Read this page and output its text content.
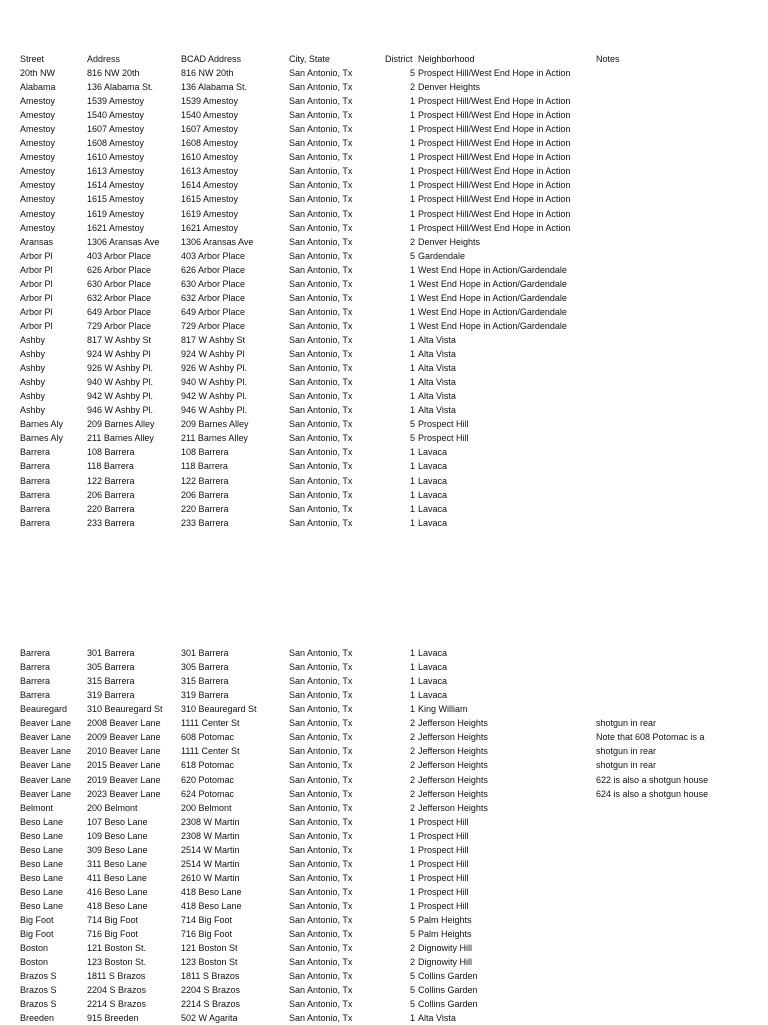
Street	Address	BCAD Address	City, State	District Neighborhood	Notes
20th NW	816 NW 20th	816 NW 20th	San Antonio, Tx	5 Prospect Hill/West End Hope in Action
Alabama	136 Alabama St.	136 Alabama St.	San Antonio, Tx	2 Denver Heights
Amestoy	1539 Amestoy	1539 Amestoy	San Antonio, Tx	1 Prospect Hill/West End Hope in Action
Amestoy	1540 Amestoy	1540 Amestoy	San Antonio, Tx	1 Prospect Hill/West End Hope in Action
Amestoy	1607 Amestoy	1607 Amestoy	San Antonio, Tx	1 Prospect Hill/West End Hope in Action
Amestoy	1608 Amestoy	1608 Amestoy	San Antonio, Tx	1 Prospect Hill/West End Hope in Action
Amestoy	1610 Amestoy	1610 Amestoy	San Antonio, Tx	1 Prospect Hill/West End Hope in Action
Amestoy	1613 Amestoy	1613 Amestoy	San Antonio, Tx	1 Prospect Hill/West End Hope in Action
Amestoy	1614 Amestoy	1614 Amestoy	San Antonio, Tx	1 Prospect Hill/West End Hope in Action
Amestoy	1615 Amestoy	1615 Amestoy	San Antonio, Tx	1 Prospect Hill/West End Hope in Action
Amestoy	1619 Amestoy	1619 Amestoy	San Antonio, Tx	1 Prospect Hill/West End Hope in Action
Amestoy	1621 Amestoy	1621 Amestoy	San Antonio, Tx	1 Prospect Hill/West End Hope in Action
Aransas	1306 Aransas Ave	1306 Aransas Ave	San Antonio, Tx	2 Denver Heights
Arbor Pl	403 Arbor Place	403 Arbor Place	San Antonio, Tx	5 Gardendale
Arbor Pl	626 Arbor Place	626 Arbor Place	San Antonio, Tx	1 West End Hope in Action/Gardendale
Arbor Pl	630 Arbor Place	630 Arbor Place	San Antonio, Tx	1 West End Hope in Action/Gardendale
Arbor Pl	632 Arbor Place	632 Arbor Place	San Antonio, Tx	1 West End Hope in Action/Gardendale
Arbor Pl	649 Arbor Place	649 Arbor Place	San Antonio, Tx	1 West End Hope in Action/Gardendale
Arbor Pl	729 Arbor Place	729 Arbor Place	San Antonio, Tx	1 West End Hope in Action/Gardendale
Ashby	817 W Ashby St	817 W Ashby St	San Antonio, Tx	1 Alta Vista
Ashby	924 W Ashby Pl	924 W Ashby Pl	San Antonio, Tx	1 Alta Vista
Ashby	926 W Ashby Pl.	926 W Ashby Pl.	San Antonio, Tx	1 Alta Vista
Ashby	940 W Ashby Pl.	940 W Ashby Pl.	San Antonio, Tx	1 Alta Vista
Ashby	942 W Ashby Pl.	942 W Ashby Pl.	San Antonio, Tx	1 Alta Vista
Ashby	946 W Ashby Pl.	946 W Ashby Pl.	San Antonio, Tx	1 Alta Vista
Barnes Aly	209 Barnes Alley	209 Barnes Alley	San Antonio, Tx	5 Prospect Hill
Barnes Aly	211 Barnes Alley	211 Barnes Alley	San Antonio, Tx	5 Prospect Hill
Barrera	108 Barrera	108 Barrera	San Antonio, Tx	1 Lavaca
Barrera	118 Barrera	118 Barrera	San Antonio, Tx	1 Lavaca
Barrera	122 Barrera	122 Barrera	San Antonio, Tx	1 Lavaca
Barrera	206 Barrera	206 Barrera	San Antonio, Tx	1 Lavaca
Barrera	220 Barrera	220 Barrera	San Antonio, Tx	1 Lavaca
Barrera	233 Barrera	233 Barrera	San Antonio, Tx	1 Lavaca
Barrera	301 Barrera	301 Barrera	San Antonio, Tx	1 Lavaca
Barrera	305 Barrera	305 Barrera	San Antonio, Tx	1 Lavaca
Barrera	315 Barrera	315 Barrera	San Antonio, Tx	1 Lavaca
Barrera	319 Barrera	319 Barrera	San Antonio, Tx	1 Lavaca
Beauregard	310 Beauregard St	310 Beauregard St	San Antonio, Tx	1 King William
Beaver Lane	2008 Beaver Lane	1111 Center St	San Antonio, Tx	2 Jefferson Heights	shotgun in rear
Beaver Lane	2009 Beaver Lane	608 Potomac	San Antonio, Tx	2 Jefferson Heights	Note that 608 Potomac is a
Beaver Lane	2010 Beaver Lane	1111 Center St	San Antonio, Tx	2 Jefferson Heights	shotgun in rear
Beaver Lane	2015 Beaver Lane	618 Potomac	San Antonio, Tx	2 Jefferson Heights	shotgun in rear
Beaver Lane	2019 Beaver Lane	620 Potomac	San Antonio, Tx	2 Jefferson Heights	622 is also a shotgun house
Beaver Lane	2023 Beaver Lane	624 Potomac	San Antonio, Tx	2 Jefferson Heights	624 is also a shotgun house
Belmont	200 Belmont	200 Belmont	San Antonio, Tx	2 Jefferson Heights
Beso Lane	107 Beso Lane	2308 W Martin	San Antonio, Tx	1 Prospect Hill
Beso Lane	109 Beso Lane	2308 W Martin	San Antonio, Tx	1 Prospect Hill
Beso Lane	309 Beso Lane	2514 W Martin	San Antonio, Tx	1 Prospect Hill
Beso Lane	311 Beso Lane	2514 W Martin	San Antonio, Tx	1 Prospect Hill
Beso Lane	411 Beso Lane	2610 W Martin	San Antonio, Tx	1 Prospect Hill
Beso Lane	416 Beso Lane	418 Beso Lane	San Antonio, Tx	1 Prospect Hill
Beso Lane	418 Beso Lane	418 Beso Lane	San Antonio, Tx	1 Prospect Hill
Big Foot	714 Big Foot	714 Big Foot	San Antonio, Tx	5 Palm Heights
Big Foot	716 Big Foot	716 Big Foot	San Antonio, Tx	5 Palm Heights
Boston	121 Boston St.	121 Boston St	San Antonio, Tx	2 Dignowity Hill
Boston	123 Boston St.	123 Boston St	San Antonio, Tx	2 Dignowity Hill
Brazos S	1811 S Brazos	1811 S Brazos	San Antonio, Tx	5 Collins Garden
Brazos S	2204 S Brazos	2204 S Brazos	San Antonio, Tx	5 Collins Garden
Brazos S	2214 S Brazos	2214 S Brazos	San Antonio, Tx	5 Collins Garden
Breeden	915 Breeden	502 W Agarita	San Antonio, Tx	1 Alta Vista
